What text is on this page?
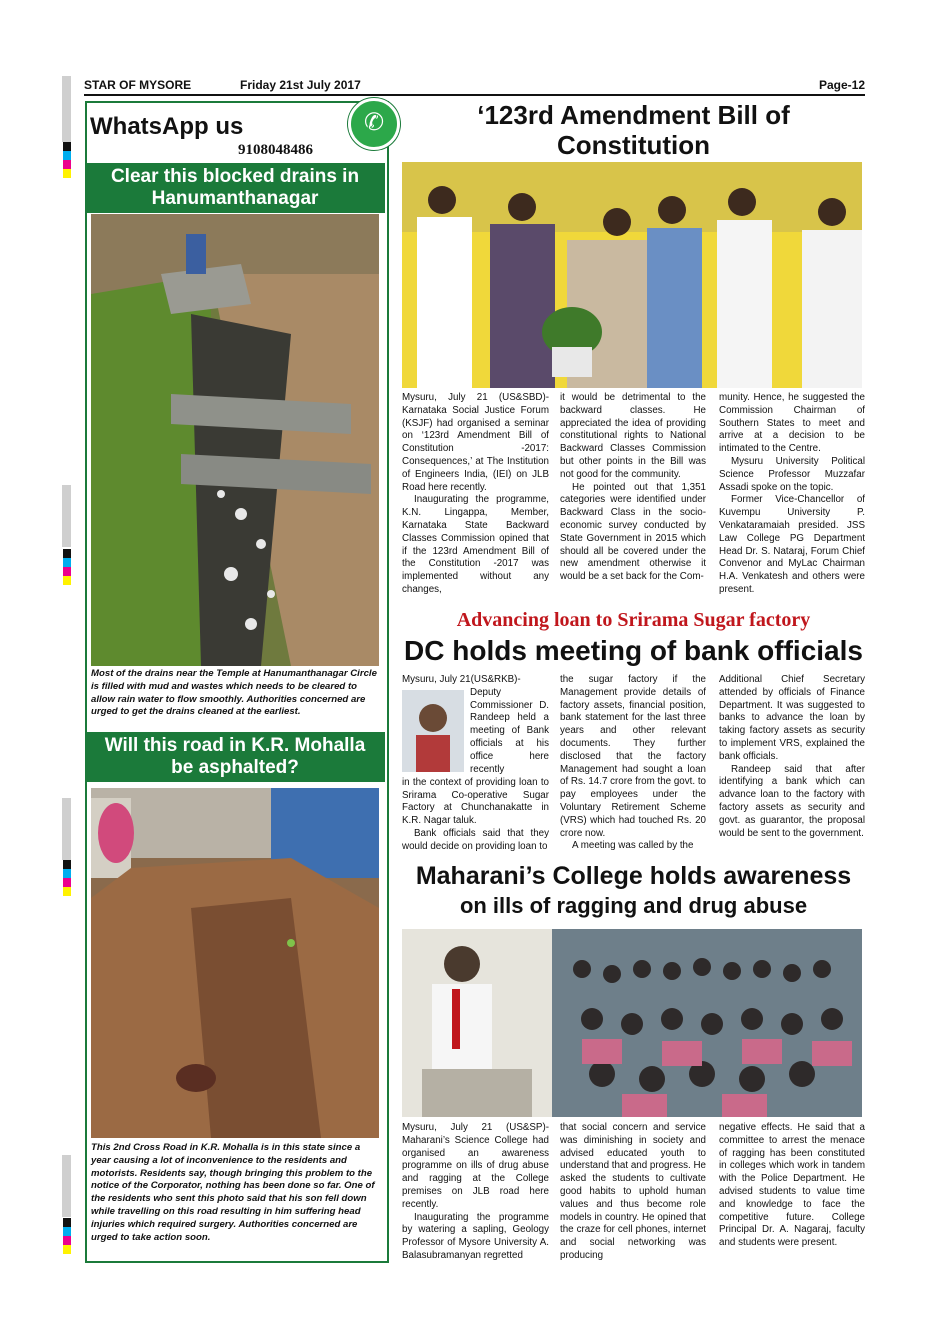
STAR OF MYSORE	Friday 21st July 2017	Page-12
WhatsApp us
9108048486
✆
Clear this blocked drains in
Hanumanthanagar
Most of the drains near the Temple at Hanumanthanagar Circle is filled with mud and wastes which needs to be cleared to allow rain water to flow smoothly. Authorities concerned are urged to get the drains cleaned at the earliest.
Will this road in K.R. Mohalla
be asphalted?
This 2nd Cross Road in K.R. Mohalla is in this state since a year causing a lot of inconvenience to the residents and motorists. Residents say, though bringing this problem to the notice of the Corporator, nothing has been done so far. One of the residents who sent this photo said that his son fell down while travelling on this road resulting in him suffering head injuries which required surgery. Authorities concerned are urged to take action soon.
‘123rd Amendment Bill of Constitution

Mysuru, July 21 (US&SBD)- Karnataka Social Justice Forum (KSJF) had organised a seminar on ‘123rd Amendment Bill of Constitution -2017: Consequences,’ at The Institution of Engineers India, (IEI) on JLB Road here recently.

Inaugurating the programme, K.N. Lingappa, Member, Karnataka State Backward Classes Commission opined that if the 123rd Amendment Bill of the Constitution -2017 was implemented without any changes,

it would be detrimental to the backward classes. He appreciated the idea of providing constitutional rights to National Backward Classes Commission but other points in the Bill was not good for the community.

He pointed out that 1,351 categories were identified under Backward Class in the socio-economic survey conducted by State Government in 2015 which should all be covered under the new amendment otherwise it would be a set back for the Com-

munity. Hence, he suggested the Commission Chairman of Southern States to meet and arrive at a decision to be intimated to the Centre.

Mysuru University Political Science Professor Muzzafar Assadi spoke on the topic.

Former Vice-Chancellor of Kuvempu University P. Venkataramaiah presided. JSS Law College PG Department Head Dr. S. Nataraj, Forum Chief Convenor and MyLac Chairman H.A. Venkatesh and others were present.

Advancing loan to Srirama Sugar factory
DC holds meeting of bank officials
Mysuru, July 21(US&RKB)-
Deputy Commissioner D. Randeep held a meeting of Bank officials at his office here recently

in the context of providing loan to Srirama Co-operative Sugar Factory at Chunchanakatte in K.R. Nagar taluk.

Bank officials said that they would decide on providing loan to

the sugar factory if the Management provide details of factory assets, financial position, bank statement for the last three years and other relevant documents. They further disclosed that the factory Management had sought a loan of Rs. 14.7 crore from the govt. to pay employees under the Voluntary Retirement Scheme (VRS) which had touched Rs. 20 crore now.

A meeting was called by the

Additional Chief Secretary attended by officials of Finance Department. It was suggested to banks to advance the loan by taking factory assets as security to implement VRS, explained the bank officials.

Randeep said that after identifying a bank which can advance loan to the factory with factory assets as security and govt. as guarantor, the proposal would be sent to the government.

Maharani’s College holds awareness
on ills of ragging and drug abuse

Mysuru, July 21 (US&SP)- Maharani’s Science College had organised an awareness programme on ills of drug abuse and ragging at the College premises on JLB road here recently.

Inaugurating the programme by watering a sapling, Geology Professor of Mysore University A. Balasubramanyan regretted

that social concern and service was diminishing in society and advised educated youth to understand that and progress. He asked the students to cultivate good habits to uphold human values and thus become role models in country. He opined that the craze for cell phones, internet and social networking was producing

negative effects. He said that a committee to arrest the menace of ragging has been constituted in colleges which work in tandem with the Police Department. He advised students to value time and knowledge to face the competitive future. College Principal Dr. A. Nagaraj, faculty and students were present.
